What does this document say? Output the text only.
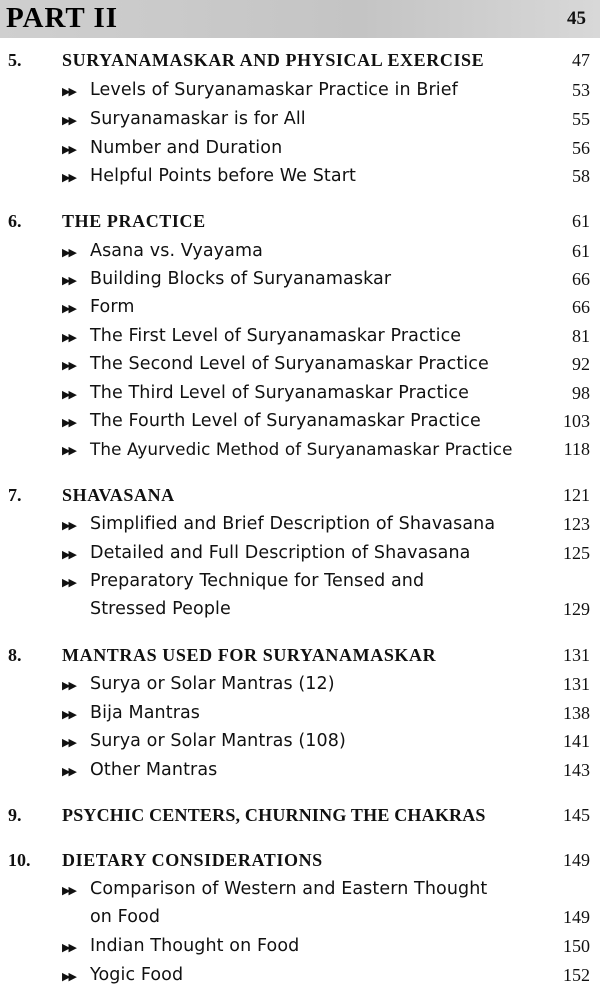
PART II	45
5. SURYANAMASKAR AND PHYSICAL EXERCISE	47
▶▶ Levels of Suryanamaskar Practice in Brief	53
▶▶ Suryanamaskar is for All	55
▶▶ Number and Duration	56
▶▶ Helpful Points before We Start	58
6. THE PRACTICE	61
▶▶ Asana vs. Vyayama	61
▶▶ Building Blocks of Suryanamaskar	66
▶▶ Form	66
▶▶ The First Level of Suryanamaskar Practice	81
▶▶ The Second Level of Suryanamaskar Practice	92
▶▶ The Third Level of Suryanamaskar Practice	98
▶▶ The Fourth Level of Suryanamaskar Practice	103
▶▶ The Ayurvedic Method of Suryanamaskar Practice	118
7. SHAVASANA	121
▶▶ Simplified and Brief Description of Shavasana	123
▶▶ Detailed and Full Description of Shavasana	125
▶▶ Preparatory Technique for Tensed and
Stressed People	129
8. MANTRAS USED FOR SURYANAMASKAR	131
▶▶ Surya or Solar Mantras (12)	131
▶▶ Bija Mantras	138
▶▶ Surya or Solar Mantras (108)	141
▶▶ Other Mantras	143
9. PSYCHIC CENTERS, CHURNING THE CHAKRAS	145
10. DIETARY CONSIDERATIONS	149
▶▶ Comparison of Western and Eastern Thought
on Food	149
▶▶ Indian Thought on Food	150
▶▶ Yogic Food	152
